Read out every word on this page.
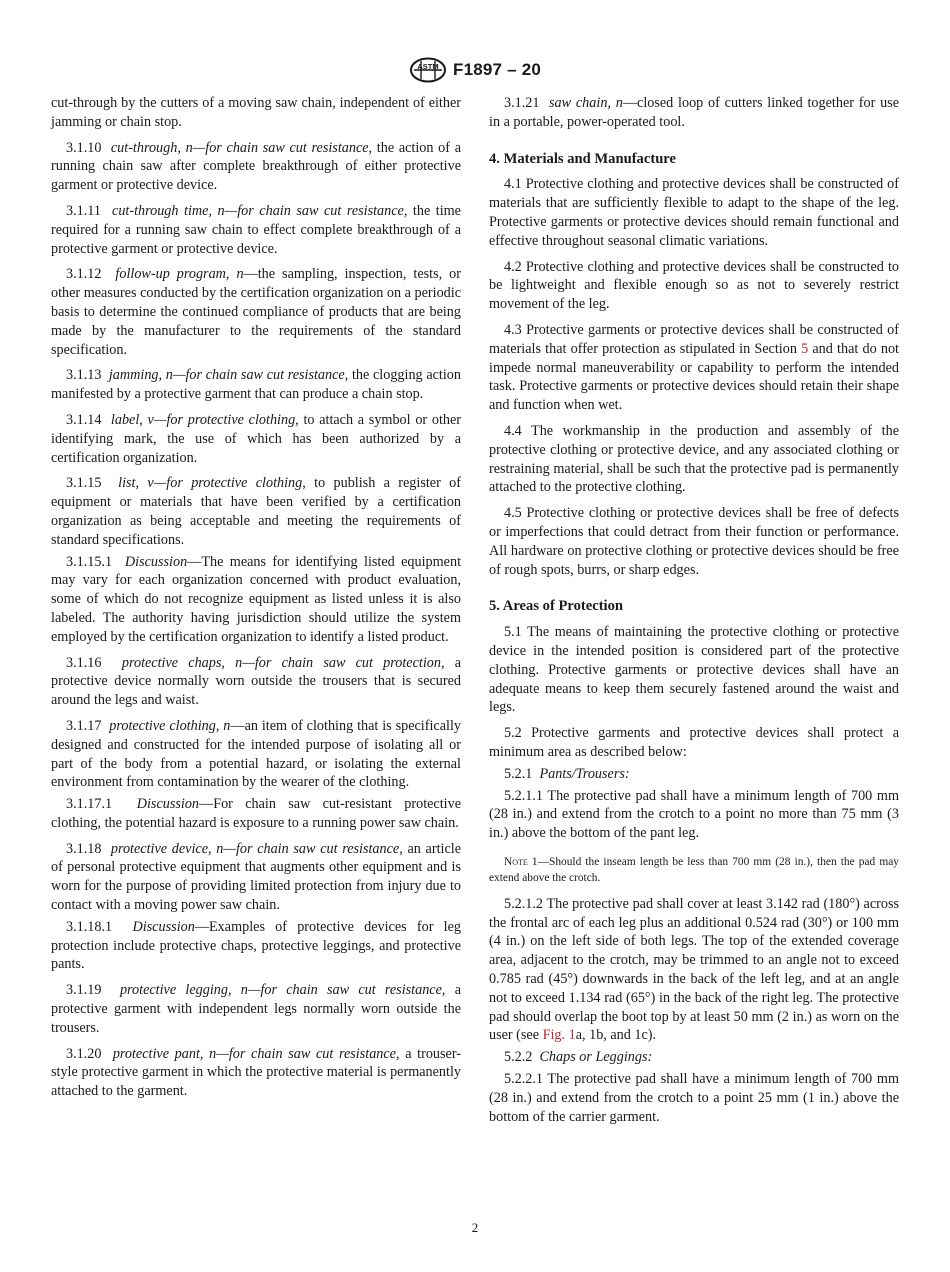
ASTM F1897 – 20

cut-through by the cutters of a moving saw chain, independent of either jamming or chain stop.

3.1.10 cut-through, n—for chain saw cut resistance, the action of a running chain saw after complete breakthrough of either protective garment or protective device.

3.1.11 cut-through time, n—for chain saw cut resistance, the time required for a running saw chain to effect complete breakthrough of a protective garment or protective device.

3.1.12 follow-up program, n—the sampling, inspection, tests, or other measures conducted by the certification organization on a periodic basis to determine the continued compliance of products that are being made by the manufacturer to the requirements of the standard specification.

3.1.13 jamming, n—for chain saw cut resistance, the clogging action manifested by a protective garment that can produce a chain stop.

3.1.14 label, v—for protective clothing, to attach a symbol or other identifying mark, the use of which has been authorized by a certification organization.

3.1.15 list, v—for protective clothing, to publish a register of equipment or materials that have been verified by a certification organization as being acceptable and meeting the requirements of standard specifications.

3.1.15.1 Discussion—The means for identifying listed equipment may vary for each organization concerned with product evaluation, some of which do not recognize equipment as listed unless it is also labeled. The authority having jurisdiction should utilize the system employed by the certification organization to identify a listed product.

3.1.16 protective chaps, n—for chain saw cut protection, a protective device normally worn outside the trousers that is secured around the legs and waist.

3.1.17 protective clothing, n—an item of clothing that is specifically designed and constructed for the intended purpose of isolating all or part of the body from a potential hazard, or isolating the external environment from contamination by the wearer of the clothing.

3.1.17.1 Discussion—For chain saw cut-resistant protective clothing, the potential hazard is exposure to a running power saw chain.

3.1.18 protective device, n—for chain saw cut resistance, an article of personal protective equipment that augments other equipment and is worn for the purpose of providing limited protection from injury due to contact with a moving power saw chain.

3.1.18.1 Discussion—Examples of protective devices for leg protection include protective chaps, protective leggings, and protective pants.

3.1.19 protective legging, n—for chain saw cut resistance, a protective garment with independent legs normally worn outside the trousers.

3.1.20 protective pant, n—for chain saw cut resistance, a trouser-style protective garment in which the protective material is permanently attached to the garment.

3.1.21 saw chain, n—closed loop of cutters linked together for use in a portable, power-operated tool.

4. Materials and Manufacture

4.1 Protective clothing and protective devices shall be constructed of materials that are sufficiently flexible to adapt to the shape of the leg. Protective garments or protective devices should remain functional and effective throughout seasonal climatic variations.

4.2 Protective clothing and protective devices shall be constructed to be lightweight and flexible enough so as not to severely restrict movement of the leg.

4.3 Protective garments or protective devices shall be constructed of materials that offer protection as stipulated in Section 5 and that do not impede normal maneuverability or capability to perform the intended task. Protective garments or protective devices should retain their shape and function when wet.

4.4 The workmanship in the production and assembly of the protective clothing or protective device, and any associated clothing or restraining material, shall be such that the protective pad is permanently attached to the protective clothing.

4.5 Protective clothing or protective devices shall be free of defects or imperfections that could detract from their function or performance. All hardware on protective clothing or protective devices should be free of rough spots, burrs, or sharp edges.

5. Areas of Protection

5.1 The means of maintaining the protective clothing or protective device in the intended position is considered part of the protective clothing. Protective garments or protective devices shall have an adequate means to keep them securely fastened around the waist and legs.

5.2 Protective garments and protective devices shall protect a minimum area as described below:

5.2.1 Pants/Trousers:

5.2.1.1 The protective pad shall have a minimum length of 700 mm (28 in.) and extend from the crotch to a point no more than 75 mm (3 in.) above the bottom of the pant leg.

Note 1—Should the inseam length be less than 700 mm (28 in.), then the pad may extend above the crotch.

5.2.1.2 The protective pad shall cover at least 3.142 rad (180°) across the frontal arc of each leg plus an additional 0.524 rad (30°) or 100 mm (4 in.) on the left side of both legs. The top of the extended coverage area, adjacent to the crotch, may be trimmed to an angle not to exceed 0.785 rad (45°) downwards in the back of the left leg, and at an angle not to exceed 1.134 rad (65°) in the back of the right leg. The protective pad should overlap the boot top by at least 50 mm (2 in.) as worn on the user (see Fig. 1a, 1b, and 1c).

5.2.2 Chaps or Leggings:

5.2.2.1 The protective pad shall have a minimum length of 700 mm (28 in.) and extend from the crotch to a point 25 mm (1 in.) above the bottom of the carrier garment.

2
